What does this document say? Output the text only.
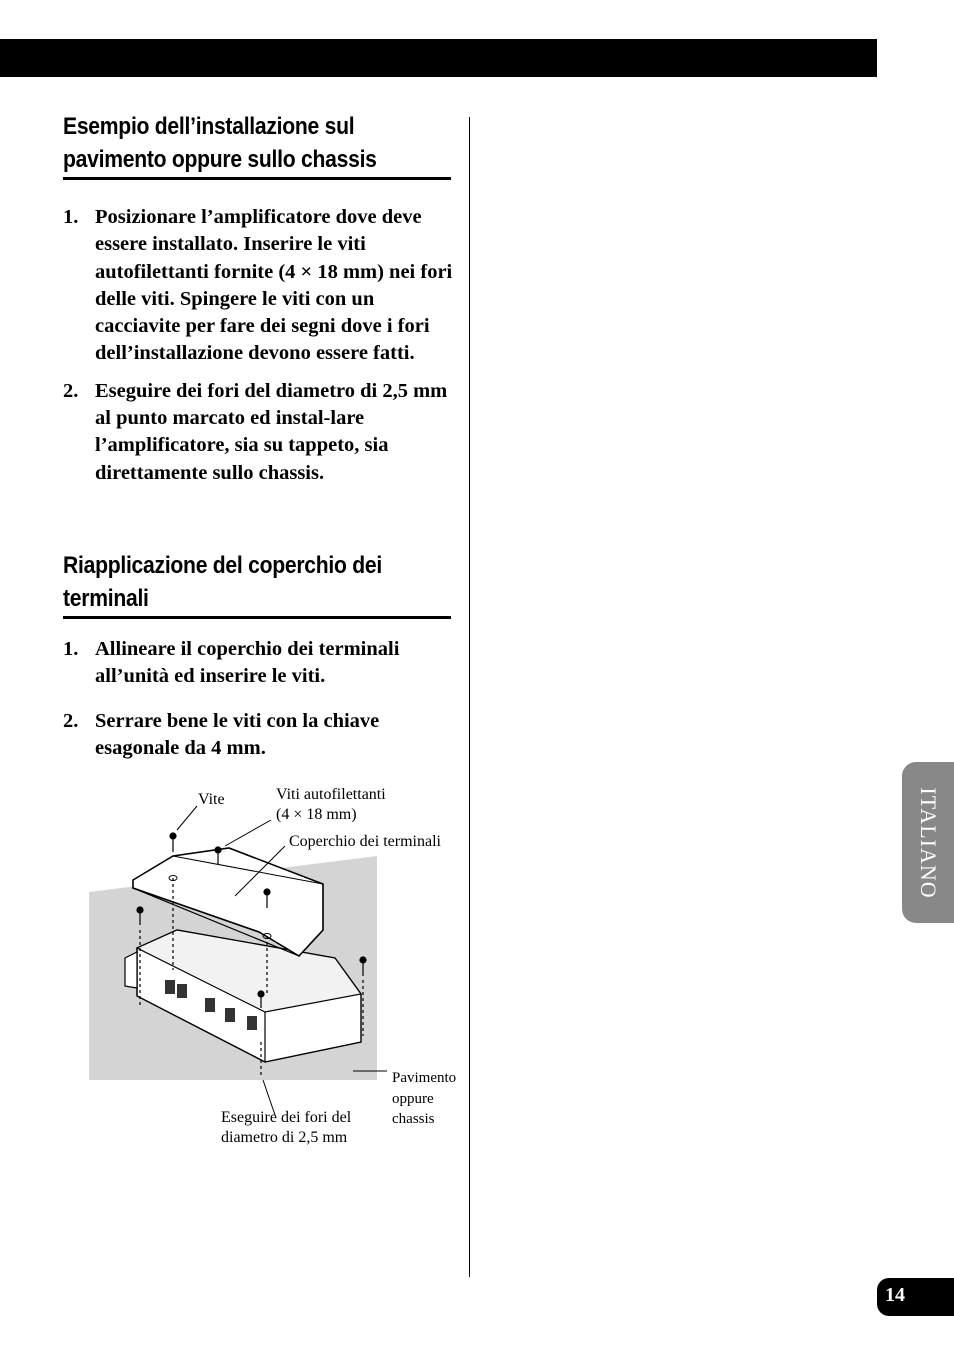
Esempio dell’installazione sul
pavimento oppure sullo chassis
1. Posizionare l’amplificatore dove deve essere installato. Inserire le viti autofilettanti fornite (4 × 18 mm) nei fori delle viti. Spingere le viti con un cacciavite per fare dei segni dove i fori dell’installazione devono essere fatti.
2. Eseguire dei fori del diametro di 2,5 mm al punto marcato ed instal-lare l’amplificatore, sia su tappeto, sia direttamente sullo chassis.
Riapplicazione del coperchio dei
terminali
1. Allineare il coperchio dei terminali all’unità ed inserire le viti.
2. Serrare bene le viti con la chiave esagonale da 4 mm.
Vite	Viti autofilettanti
(4 × 18 mm)
Coperchio dei terminali
Eseguire dei fori del
diametro di 2,5 mm
Pavimento
oppure
chassis
ITALIANO
14
